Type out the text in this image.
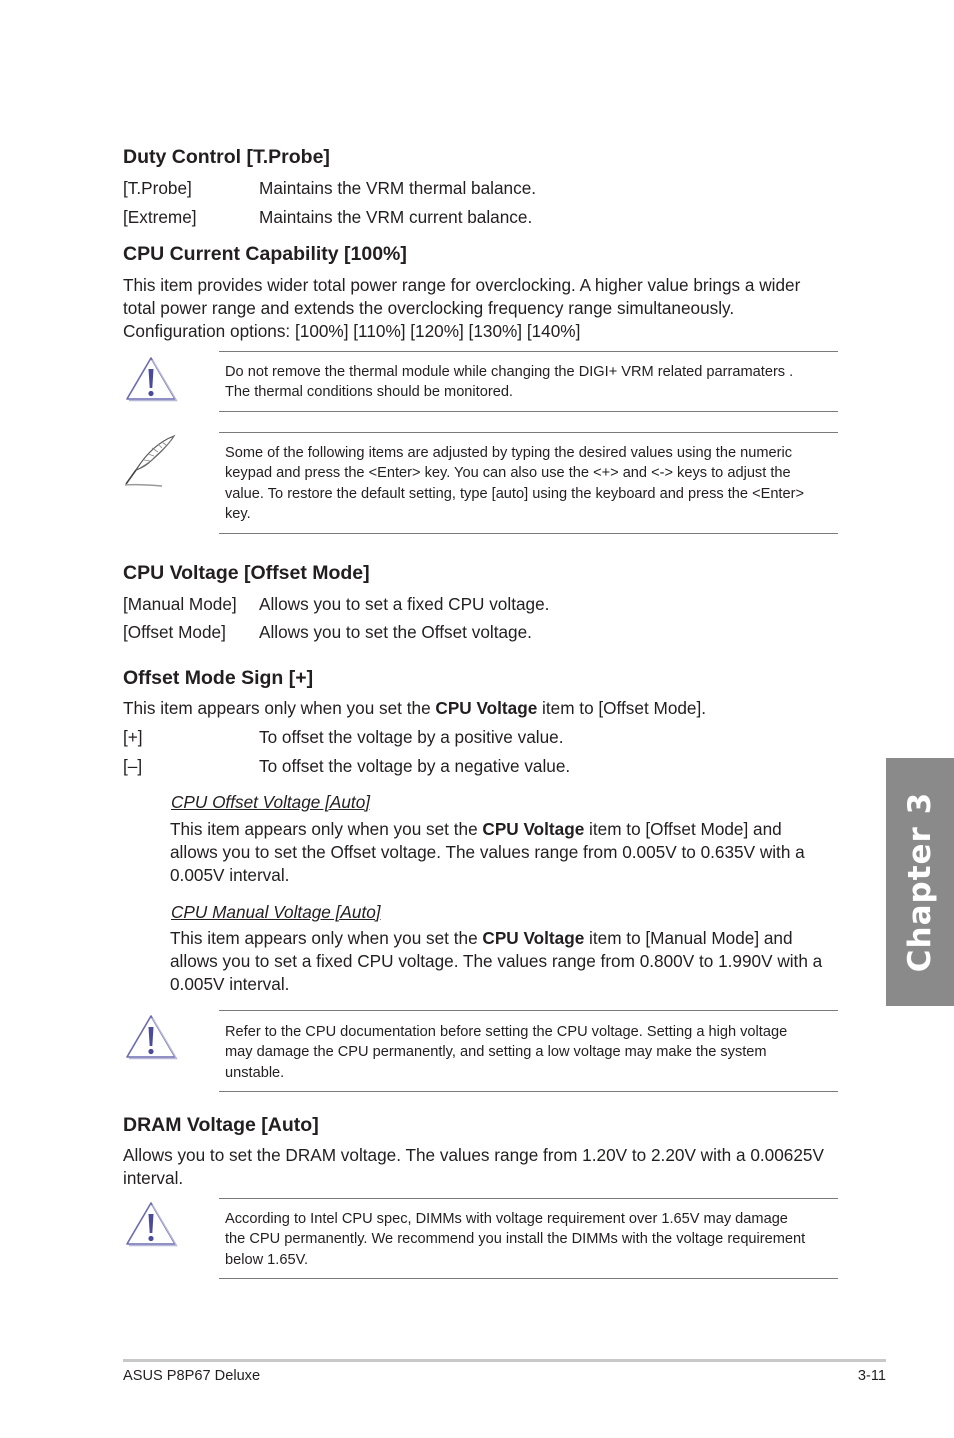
Duty Control [T.Probe]
[T.Probe]	Maintains the VRM thermal balance.
[Extreme]	Maintains the VRM current balance.
CPU Current Capability [100%]
This item provides wider total power range for overclocking. A higher value brings a wider
total power range and extends the overclocking frequency range simultaneously.
Configuration options: [100%] [110%] [120%] [130%] [140%]
Do not remove the thermal module while changing the DIGI+ VRM related parramaters .
The thermal conditions should be monitored.
Some of the following items are adjusted by typing the desired values using the numeric
keypad and press the <Enter> key. You can also use the <+> and <-> keys to adjust the
value. To restore the default setting, type [auto] using the keyboard and press the <Enter>
key.
CPU Voltage [Offset Mode]
[Manual Mode] Allows you to set a fixed CPU voltage.
[Offset Mode] Allows you to set the Offset voltage.
Offset Mode Sign [+]
This item appears only when you set the CPU Voltage item to [Offset Mode].
[+]	To offset the voltage by a positive value.
[–]	To offset the voltage by a negative value.
CPU Offset Voltage [Auto]
This item appears only when you set the CPU Voltage item to [Offset Mode] and
allows you to set the Offset voltage. The values range from 0.005V to 0.635V with a
0.005V interval.
CPU Manual Voltage [Auto]
This item appears only when you set the CPU Voltage item to [Manual Mode] and
allows you to set a fixed CPU voltage. The values range from 0.800V to 1.990V with a
0.005V interval.
Refer to the CPU documentation before setting the CPU voltage. Setting a high voltage
may damage the CPU permanently, and setting a low voltage may make the system
unstable.
DRAM Voltage [Auto]
Allows you to set the DRAM voltage. The values range from 1.20V to 2.20V with a 0.00625V
interval.
According to Intel CPU spec, DIMMs with voltage requirement over 1.65V may damage
the CPU permanently. We recommend you install the DIMMs with the voltage requirement
below 1.65V.
Chapter 3
ASUS P8P67 Deluxe	3-11
